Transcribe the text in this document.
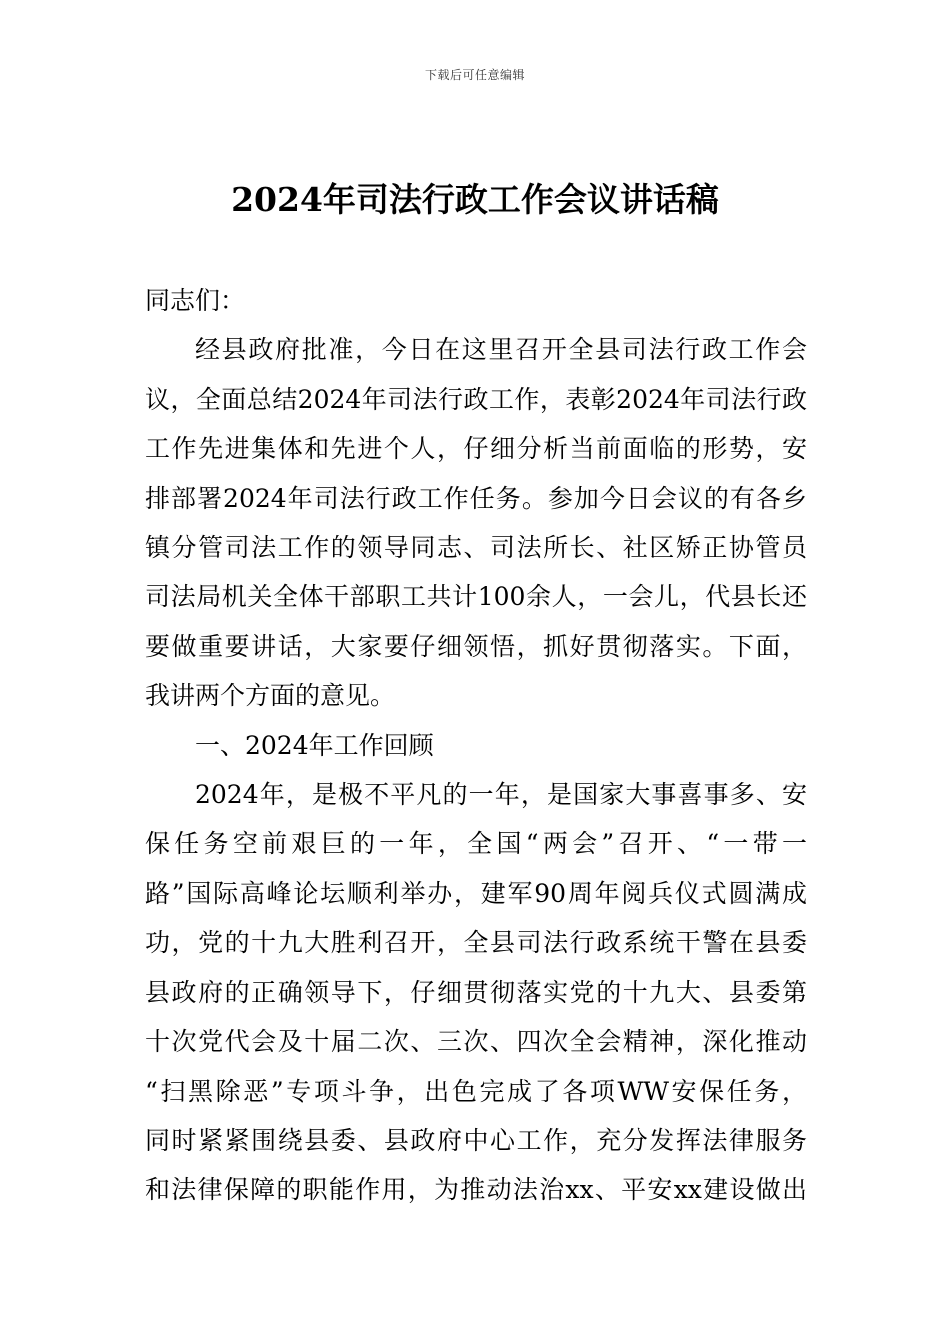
下载后可任意编辑
2024年司法行政工作会议讲话稿

同志们：

经县政府批准，今日在这里召开全县司法行政工作会
议，全面总结2024年司法行政工作，表彰2024年司法行政
工作先进集体和先进个人，仔细分析当前面临的形势，安
排部署2024年司法行政工作任务。参加今日会议的有各乡
镇分管司法工作的领导同志、司法所长、社区矫正协管员
司法局机关全体干部职工共计100余人，一会儿，代县长还
要做重要讲话，大家要仔细领悟，抓好贯彻落实。下面，
我讲两个方面的意见。

一、2024年工作回顾

2024年，是极不平凡的一年，是国家大事喜事多、安
保任务空前艰巨的一年，全国“两会”召开、“一带一
路”国际高峰论坛顺利举办，建军90周年阅兵仪式圆满成
功，党的十九大胜利召开，全县司法行政系统干警在县委
县政府的正确领导下，仔细贯彻落实党的十九大、县委第
十次党代会及十届二次、三次、四次全会精神，深化推动
“扫黑除恶”专项斗争，出色完成了各项WW安保任务，
同时紧紧围绕县委、县政府中心工作，充分发挥法律服务
和法律保障的职能作用，为推动法治xx、平安xx建设做出
